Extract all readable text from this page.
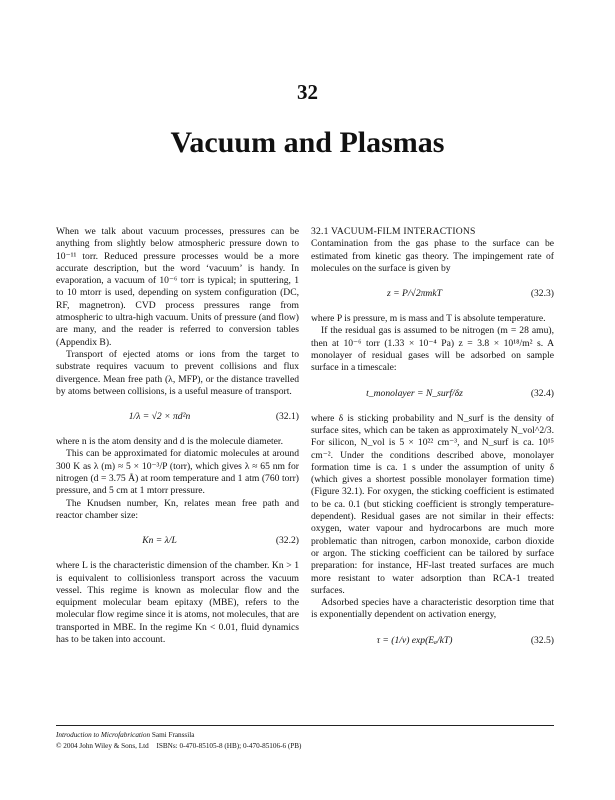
32
Vacuum and Plasmas

When we talk about vacuum processes, pressures can be anything from slightly below atmospheric pressure down to 10⁻¹¹ torr. Reduced pressure processes would be a more accurate description, but the word ‘vacuum’ is handy. In evaporation, a vacuum of 10⁻⁶ torr is typical; in sputtering, 1 to 10 mtorr is used, depending on system configuration (DC, RF, magnetron). CVD process pressures range from atmospheric to ultra-high vacuum. Units of pressure (and flow) are many, and the reader is referred to conversion tables (Appendix B).

Transport of ejected atoms or ions from the target to substrate requires vacuum to prevent collisions and flux divergence. Mean free path (λ, MFP), or the distance travelled by atoms between collisions, is a useful measure of transport.

1/λ = √2 × πd²n	(32.1)

where n is the atom density and d is the molecule diameter.

This can be approximated for diatomic molecules at around 300 K as λ (m) ≈ 5 × 10⁻³/P (torr), which gives λ ≈ 65 nm for nitrogen (d = 3.75 Å) at room temperature and 1 atm (760 torr) pressure, and 5 cm at 1 mtorr pressure.

The Knudsen number, Kn, relates mean free path and reactor chamber size:

Kn = λ/L	(32.2)

where L is the characteristic dimension of the chamber. Kn > 1 is equivalent to collisionless transport across the vacuum vessel. This regime is known as molecular flow and the equipment molecular beam epitaxy (MBE), refers to the molecular flow regime since it is atoms, not molecules, that are transported in MBE. In the regime Kn < 0.01, fluid dynamics has to be taken into account.

32.1 VACUUM-FILM INTERACTIONS

Contamination from the gas phase to the surface can be estimated from kinetic gas theory. The impingement rate of molecules on the surface is given by

z = P/√2πmkT	(32.3)

where P is pressure, m is mass and T is absolute temperature.

If the residual gas is assumed to be nitrogen (m = 28 amu), then at 10⁻⁶ torr (1.33 × 10⁻⁴ Pa) z = 3.8 × 10¹⁸/m² s. A monolayer of residual gases will be adsorbed on sample surface in a timescale:

t_monolayer = N_surf/δz	(32.4)

where δ is sticking probability and N_surf is the density of surface sites, which can be taken as approximately N_vol^2/3. For silicon, N_vol is 5 × 10²² cm⁻³, and N_surf is ca. 10¹⁵ cm⁻². Under the conditions described above, monolayer formation time is ca. 1 s under the assumption of unity δ (which gives a shortest possible monolayer formation time) (Figure 32.1). For oxygen, the sticking coefficient is estimated to be ca. 0.1 (but sticking coefficient is strongly temperature-dependent). Residual gases are not similar in their effects: oxygen, water vapour and hydrocarbons are much more problematic than nitrogen, carbon monoxide, carbon dioxide or argon. The sticking coefficient can be tailored by surface preparation: for instance, HF-last treated surfaces are much more resistant to water adsorption than RCA-1 treated surfaces.

Adsorbed species have a characteristic desorption time that is exponentially dependent on activation energy,

τ = (1/ν) exp(Eₐ/kT)	(32.5)
Introduction to Microfabrication Sami Franssila
© 2004 John Wiley & Sons, Ltd ISBNs: 0-470-85105-8 (HB); 0-470-85106-6 (PB)
